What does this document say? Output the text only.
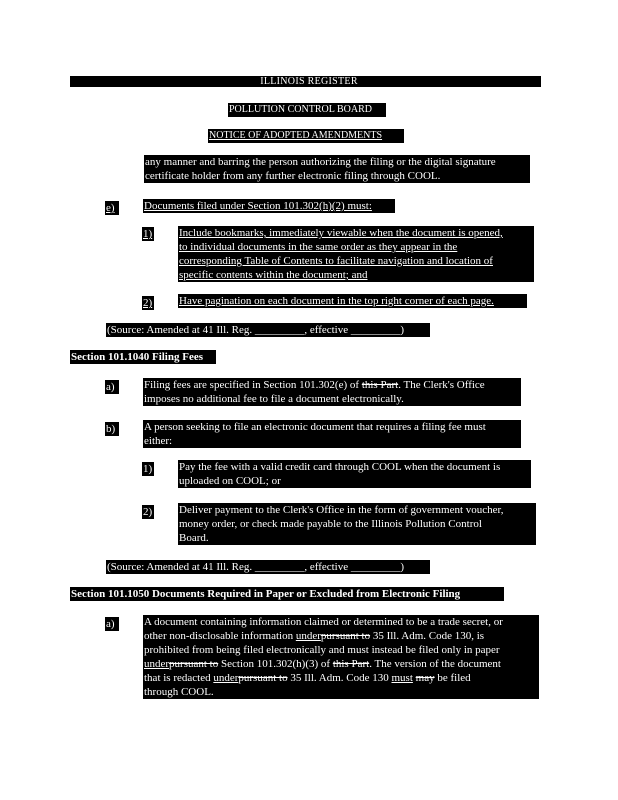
ILLINOIS REGISTER
POLLUTION CONTROL BOARD
NOTICE OF ADOPTED AMENDMENTS
any manner and barring the person authorizing the filing or the digital signature
certificate holder from any further electronic filing through COOL.
e)	Documents filed under Section 101.302(h)(2) must:
1) Include bookmarks, immediately viewable when the document is opened,
to individual documents in the same order as they appear in the
corresponding Table of Contents to facilitate navigation and location of
specific contents within the document; and
2) Have pagination on each document in the top right corner of each page.
(Source: Amended at 41 Ill. Reg. _________, effective _________)
Section 101.1040 Filing Fees
a)	Filing fees are specified in Section 101.302(e) of this Part. The Clerk's Office
imposes no additional fee to file a document electronically.
b)	A person seeking to file an electronic document that requires a filing fee must
either:
1) Pay the fee with a valid credit card through COOL when the document is
uploaded on COOL; or
2) Deliver payment to the Clerk's Office in the form of government voucher,
money order, or check made payable to the Illinois Pollution Control
Board.
(Source: Amended at 41 Ill. Reg. _________, effective _________)
Section 101.1050 Documents Required in Paper or Excluded from Electronic Filing
a)	A document containing information claimed or determined to be a trade secret, or
other non-disclosable information underpursuant to 35 Ill. Adm. Code 130, is
prohibited from being filed electronically and must instead be filed only in paper
underpursuant to Section 101.302(h)(3) of this Part. The version of the document
that is redacted underpursuant to 35 Ill. Adm. Code 130 must may be filed
through COOL.
